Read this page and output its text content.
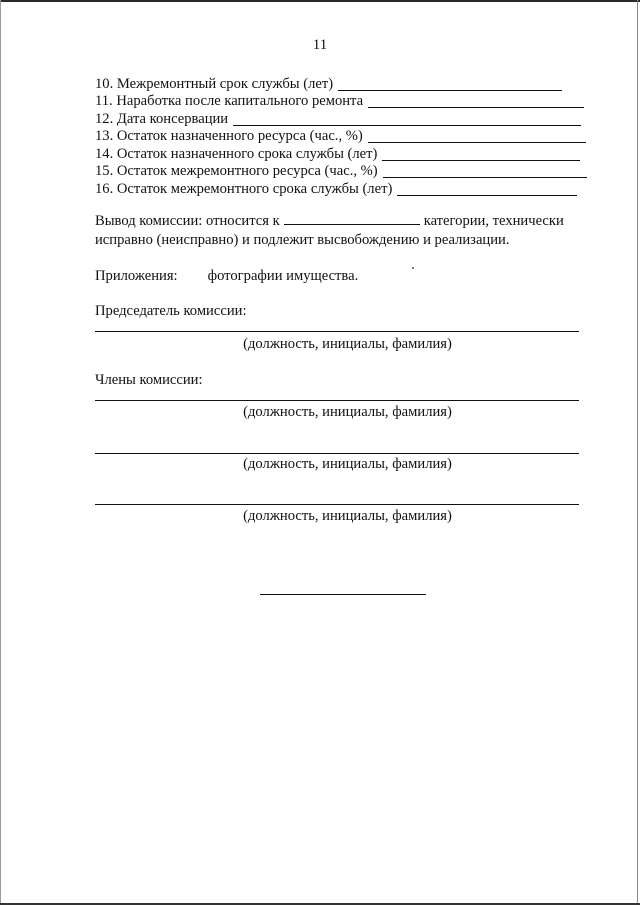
11
10. Межремонтный срок службы (лет)
11. Наработка после капитального ремонта
12. Дата консервации
13. Остаток назначенного ресурса (час., %)
14. Остаток назначенного срока службы (лет)
15. Остаток межремонтного ресурса (час., %)
16. Остаток межремонтного срока службы (лет)
Вывод комиссии: относится к	категории, технически
исправно (неисправно) и подлежит высвобождению и реализации.
Приложения: фотографии имущества.
Председатель комиссии:
(должность, инициалы, фамилия)
Члены комиссии:
(должность, инициалы, фамилия)
(должность, инициалы, фамилия)
(должность, инициалы, фамилия)
